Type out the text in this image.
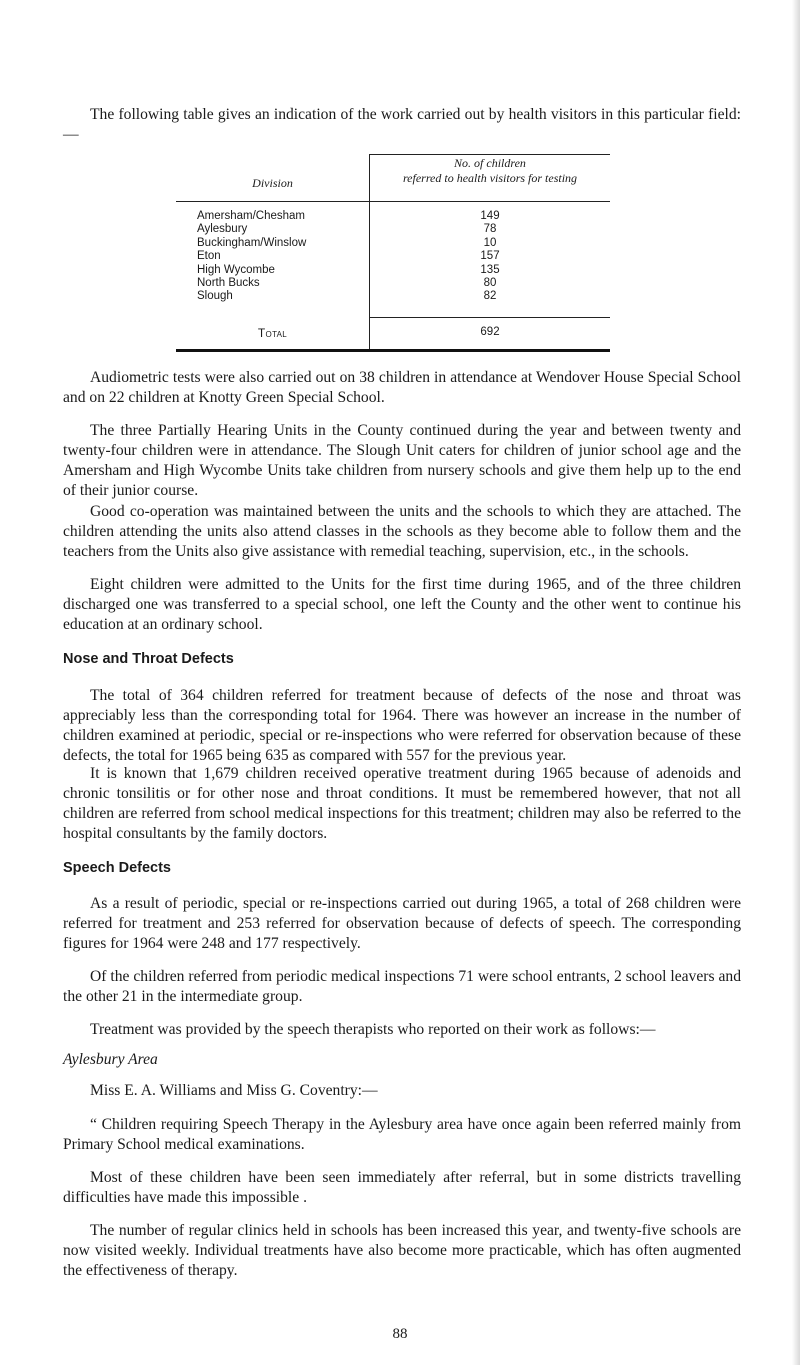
The following table gives an indication of the work carried out by health visitors in this particular field:—

Division
No. of children
referred to health visitors for testing
Amersham/Chesham
Aylesbury
Buckingham/Winslow
Eton
High Wycombe
North Bucks
Slough
149
78
10
157
135
80
82
Total	692

Audiometric tests were also carried out on 38 children in attendance at Wendover House Special School and on 22 children at Knotty Green Special School.

The three Partially Hearing Units in the County continued during the year and between twenty and twenty-four children were in attendance. The Slough Unit caters for children of junior school age and the Amersham and High Wycombe Units take children from nursery schools and give them help up to the end of their junior course.

Good co-operation was maintained between the units and the schools to which they are attached. The children attending the units also attend classes in the schools as they become able to follow them and the teachers from the Units also give assistance with remedial teaching, supervision, etc., in the schools.

Eight children were admitted to the Units for the first time during 1965, and of the three children discharged one was transferred to a special school, one left the County and the other went to continue his education at an ordinary school.

Nose and Throat Defects

The total of 364 children referred for treatment because of defects of the nose and throat was appreciably less than the corresponding total for 1964. There was however an increase in the number of children examined at periodic, special or re-inspections who were referred for observation because of these defects, the total for 1965 being 635 as compared with 557 for the previous year.

It is known that 1,679 children received operative treatment during 1965 because of adenoids and chronic tonsilitis or for other nose and throat conditions. It must be remembered however, that not all children are referred from school medical inspections for this treatment; children may also be referred to the hospital consultants by the family doctors.

Speech Defects

As a result of periodic, special or re-inspections carried out during 1965, a total of 268 children were referred for treatment and 253 referred for observation because of defects of speech. The corresponding figures for 1964 were 248 and 177 respectively.

Of the children referred from periodic medical inspections 71 were school entrants, 2 school leavers and the other 21 in the intermediate group.

Treatment was provided by the speech therapists who reported on their work as follows:—

Aylesbury Area

Miss E. A. Williams and Miss G. Coventry:—

“ Children requiring Speech Therapy in the Aylesbury area have once again been referred mainly from Primary School medical examinations.

Most of these children have been seen immediately after referral, but in some districts travelling difficulties have made this impossible .

The number of regular clinics held in schools has been increased this year, and twenty-five schools are now visited weekly. Individual treatments have also become more practicable, which has often augmented the effectiveness of therapy.

88
